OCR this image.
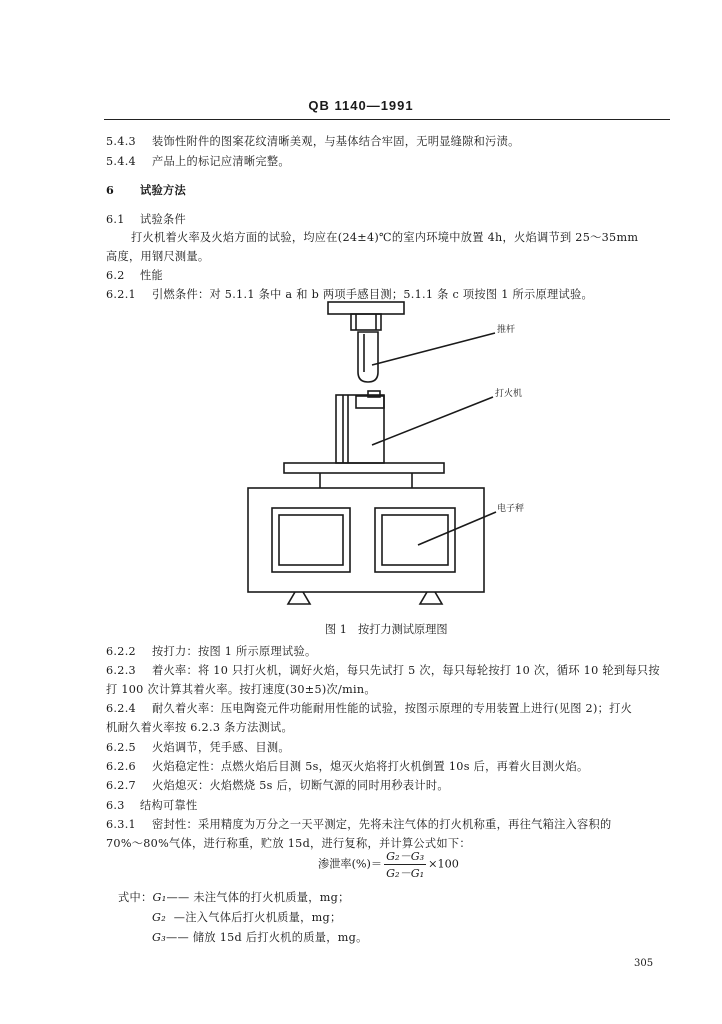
QB 1140—1991
5.4.3 装饰性附件的图案花纹清晰美观，与基体结合牢固，无明显缝隙和污渍。
5.4.4 产品上的标记应清晰完整。
6 试验方法
6.1 试验条件
打火机着火率及火焰方面的试验，均应在(24±4)℃的室内环境中放置 4h，火焰调节到 25～35mm
高度，用钢尺测量。
6.2 性能
6.2.1 引燃条件：对 5.1.1 条中 a 和 b 两项手感目测；5.1.1 条 c 项按图 1 所示原理试验。
推杆
打火机
电子秤
图 1　按打力测试原理图
6.2.2 按打力：按图 1 所示原理试验。
6.2.3 着火率：将 10 只打火机，调好火焰，每只先试打 5 次，每只每轮按打 10 次，循环 10 轮到每只按
打 100 次计算其着火率。按打速度(30±5)次/min。
6.2.4 耐久着火率：压电陶瓷元件功能耐用性能的试验，按图示原理的专用装置上进行(见图 2)；打火
机耐久着火率按 6.2.3 条方法测试。
6.2.5 火焰调节，凭手感、目测。
6.2.6 火焰稳定性：点燃火焰后目测 5s，熄灭火焰将打火机倒置 10s 后，再着火目测火焰。
6.2.7 火焰熄灭：火焰燃烧 5s 后，切断气源的同时用秒表计时。
6.3 结构可靠性
6.3.1 密封性：采用精度为万分之一天平测定，先将未注气体的打火机称重，再往气箱注入容积的
70%～80%气体，进行称重，贮放 15d，进行复称，并计算公式如下：
渗泄率(%)＝ $\frac{\text{G₂－G₃}}{\text{G₂－G₁}} \times 100$
式中：G₁—— 未注气体的打火机质量，mg；
G₂ —注入气体后打火机质量，mg；
G₃—— 储放 15d 后打火机的质量，mg。
305
